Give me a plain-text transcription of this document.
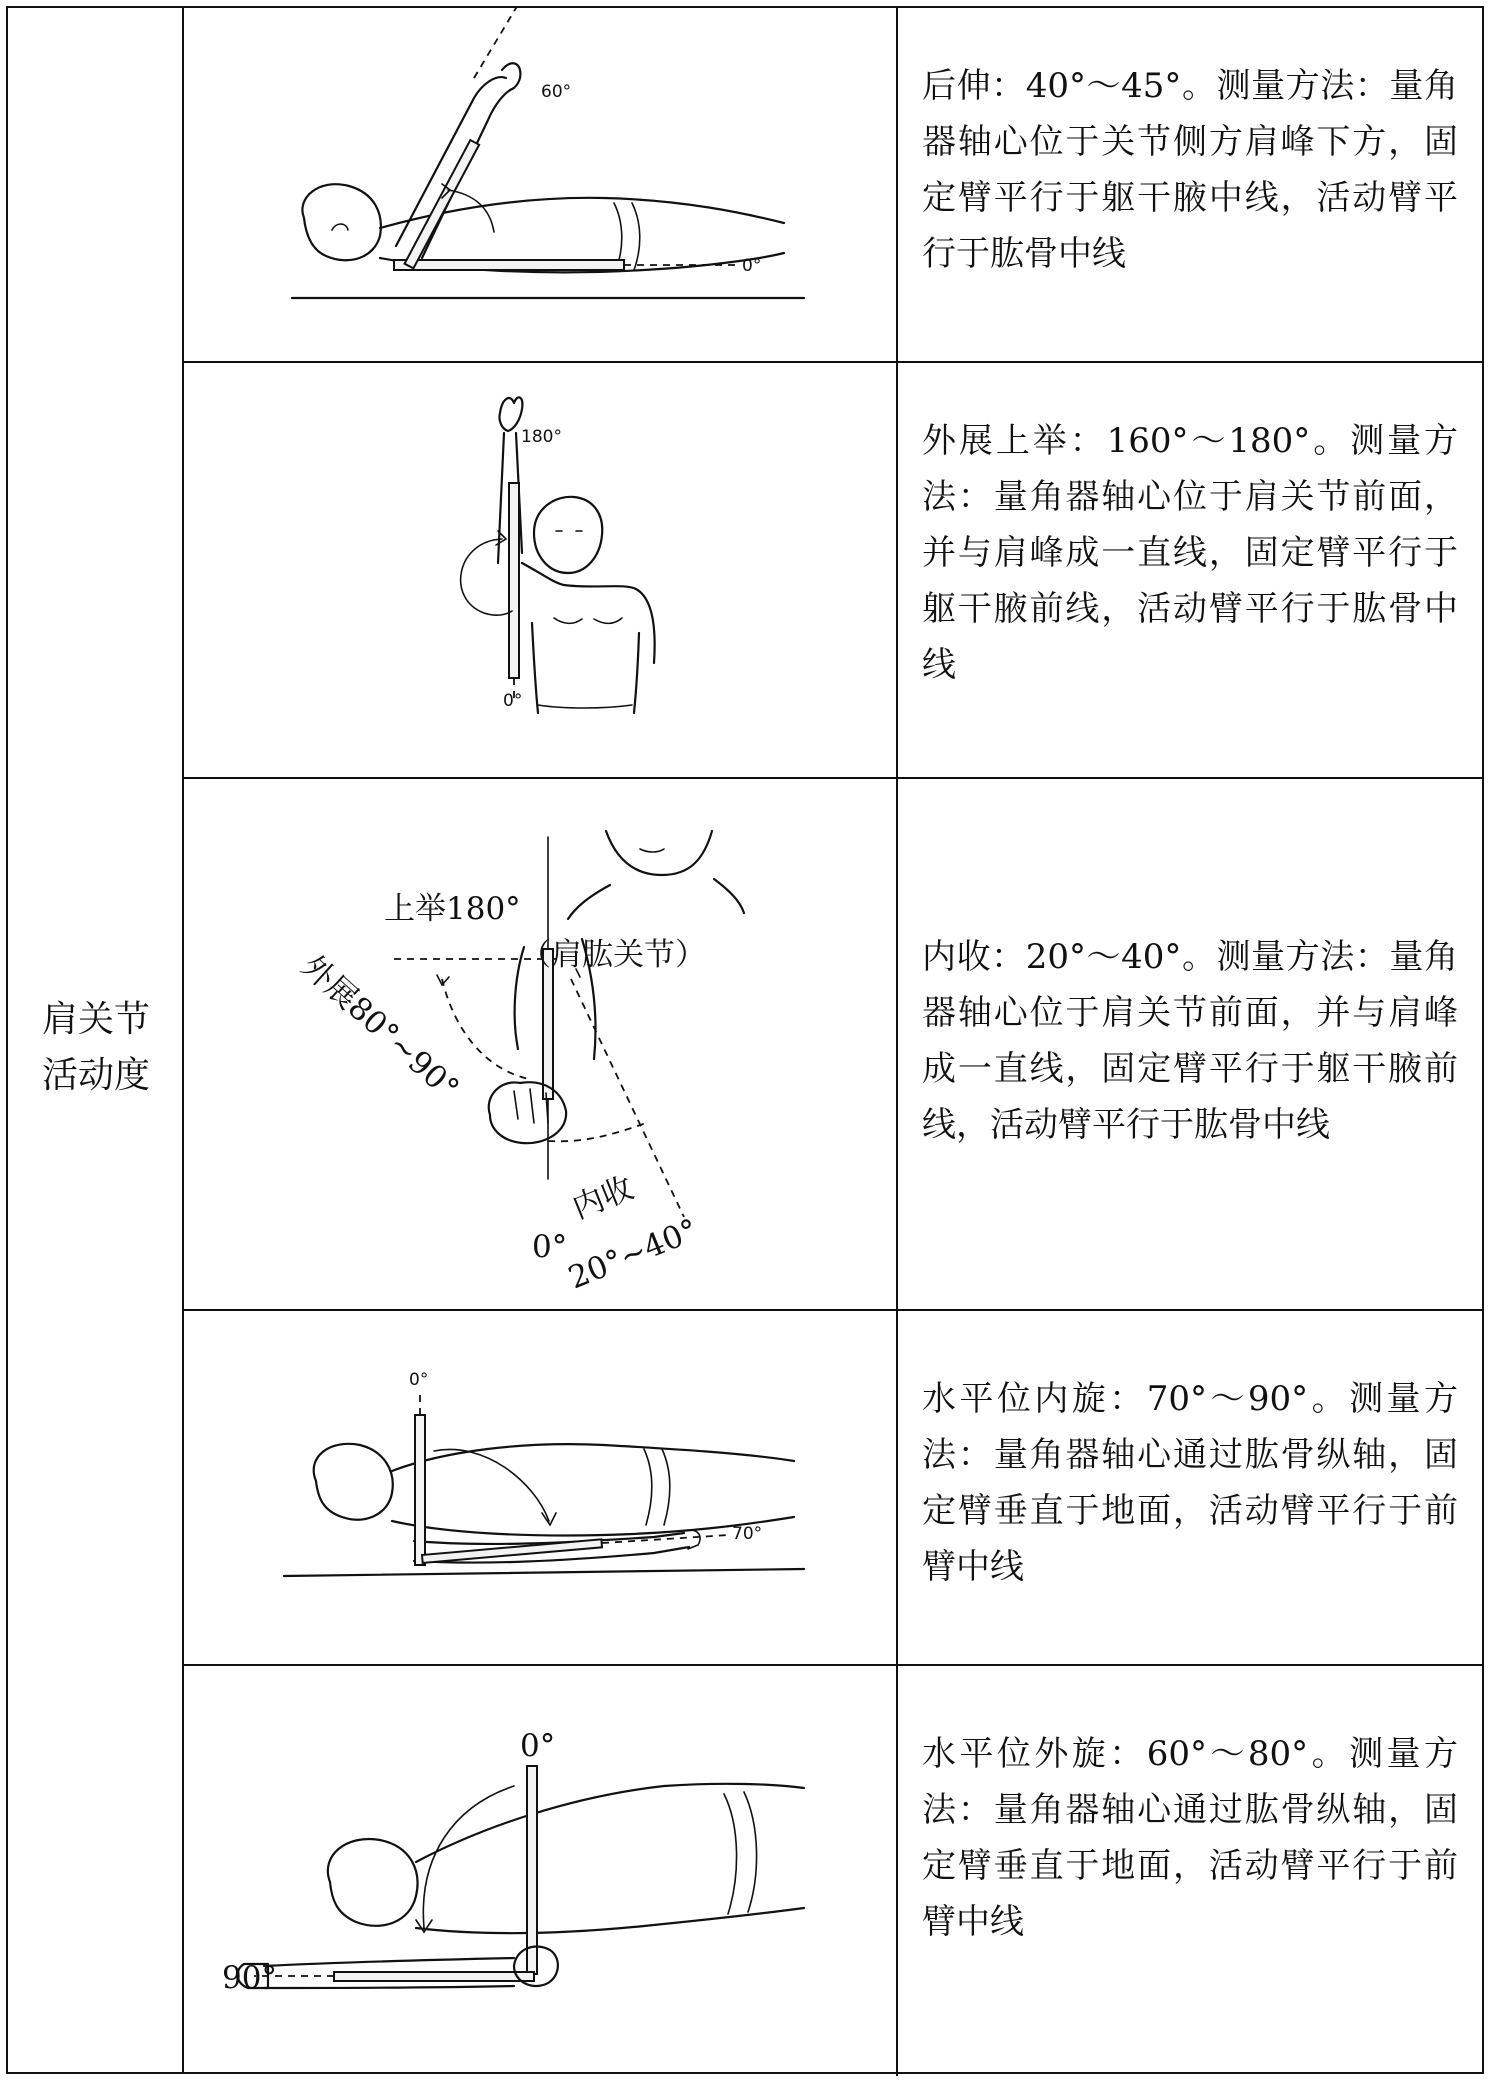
肩关节
活动度
60°
0°
后伸：40°～45°。测量方法：量角器轴心位于关节侧方肩峰下方，固定臂平行于躯干腋中线，活动臂平行于肱骨中线
180°
0°
外展上举：160°～180°。测量方法：量角器轴心位于肩关节前面，并与肩峰成一直线，固定臂平行于躯干腋前线，活动臂平行于肱骨中线
上举180°
（肩肱关节）
外展80°~90°
内收
0°
20°~40°
内收：20°～40°。测量方法：量角器轴心位于肩关节前面，并与肩峰成一直线，固定臂平行于躯干腋前线，活动臂平行于肱骨中线
0°
70°
水平位内旋：70°～90°。测量方法：量角器轴心通过肱骨纵轴，固定臂垂直于地面，活动臂平行于前臂中线
0°
90°
水平位外旋：60°～80°。测量方法：量角器轴心通过肱骨纵轴，固定臂垂直于地面，活动臂平行于前臂中线
